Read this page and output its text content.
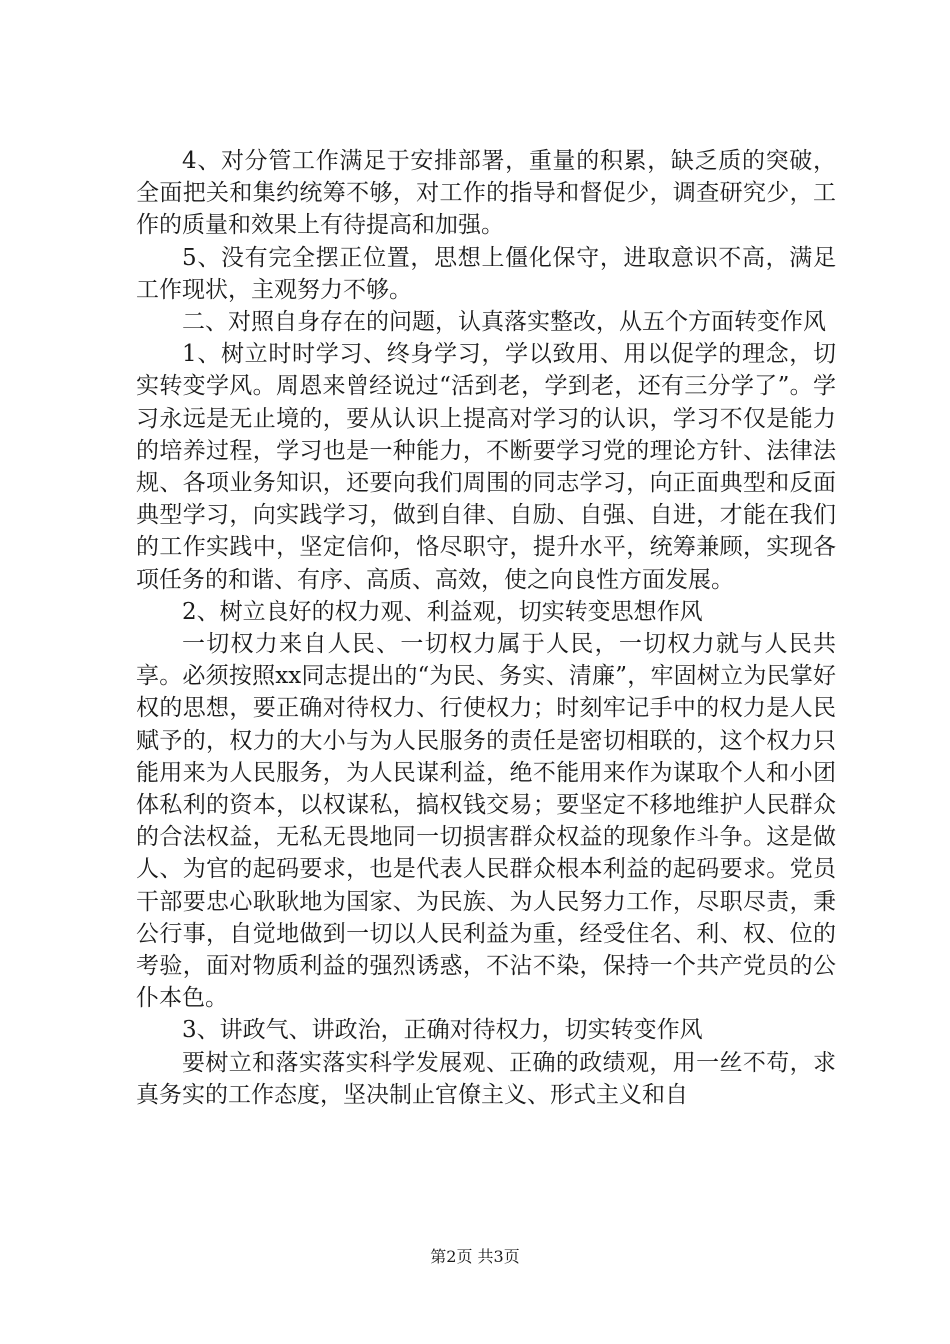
4、对分管工作满足于安排部署，重量的积累，缺乏质的突破，全面把关和集约统筹不够，对工作的指导和督促少，调查研究少，工作的质量和效果上有待提高和加强。

5、没有完全摆正位置，思想上僵化保守，进取意识不高，满足工作现状，主观努力不够。

二、对照自身存在的问题，认真落实整改，从五个方面转变作风

1、树立时时学习、终身学习，学以致用、用以促学的理念，切实转变学风。周恩来曾经说过“活到老，学到老，还有三分学了”。学习永远是无止境的，要从认识上提高对学习的认识，学习不仅是能力的培养过程，学习也是一种能力，不断要学习党的理论方针、法律法规、各项业务知识，还要向我们周围的同志学习，向正面典型和反面典型学习，向实践学习，做到自律、自励、自强、自进，才能在我们的工作实践中，坚定信仰，恪尽职守，提升水平，统筹兼顾，实现各项任务的和谐、有序、高质、高效，使之向良性方面发展。

2、树立良好的权力观、利益观，切实转变思想作风

一切权力来自人民、一切权力属于人民，一切权力就与人民共享。必须按照xx同志提出的“为民、务实、清廉”，牢固树立为民掌好权的思想，要正确对待权力、行使权力；时刻牢记手中的权力是人民赋予的，权力的大小与为人民服务的责任是密切相联的，这个权力只能用来为人民服务，为人民谋利益，绝不能用来作为谋取个人和小团体私利的资本，以权谋私，搞权钱交易；要坚定不移地维护人民群众的合法权益，无私无畏地同一切损害群众权益的现象作斗争。这是做人、为官的起码要求，也是代表人民群众根本利益的起码要求。党员干部要忠心耿耿地为国家、为民族、为人民努力工作，尽职尽责，秉公行事，自觉地做到一切以人民利益为重，经受住名、利、权、位的考验，面对物质利益的强烈诱惑，不沾不染，保持一个共产党员的公仆本色。

3、讲政气、讲政治，正确对待权力，切实转变作风

要树立和落实落实科学发展观、正确的政绩观，用一丝不苟，求真务实的工作态度，坚决制止官僚主义、形式主义和自

第2页 共3页
